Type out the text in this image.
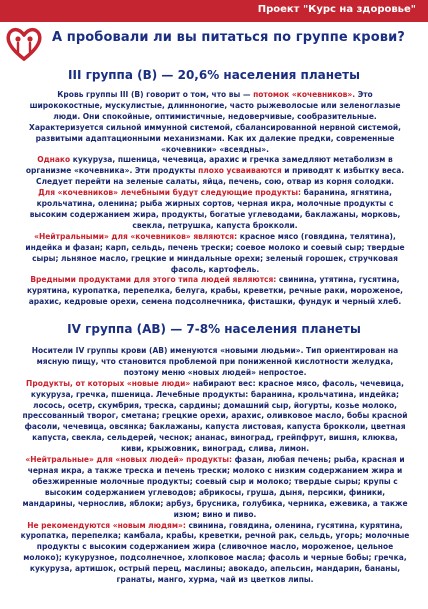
Проект "Курс на здоровье"
А пробовали ли вы питаться по группе крови?
III группа (B) — 20,6% населения планеты

Кровь группы III (B) говорит о том, что вы — потомок «кочевников». Это ширококостные, мускулистые, длинноногие, часто рыжеволосые или зеленоглазые люди. Они спокойные, оптимистичные, недоверчивые, сообразительные. Характеризуется сильной иммунной системой, сбалансированной нервной системой, развитыми адаптационными механизмами. Как их далекие предки, современные «кочевники» «всеядны».

Однако кукуруза, пшеница, чечевица, арахис и гречка замедляют метаболизм в организме «кочевника». Эти продукты плохо усваиваются и приводят к избытку веса. Следует перейти на зеленые салаты, яйца, печень, сою, отвар из корня солодки.

Для «кочевников» лечебными будут следующие продукты: баранина, ягнятина, крольчатина, оленина; рыба жирных сортов, черная икра, молочные продукты с высоким содержанием жира, продукты, богатые углеводами, баклажаны, морковь, свекла, петрушка, капуста брокколи.

«Нейтральными» для «кочевников» являются: красное мясо (говядина, телятина), индейка и фазан; карп, сельдь, печень трески; соевое молоко и соевый сыр; твердые сыры; льняное масло, грецкие и миндальные орехи; зеленый горошек, стручковая фасоль, картофель.

Вредными продуктами для этого типа людей являются: свинина, утятина, гусятина, курятина, куропатка, перепелка, белуга, крабы, креветки, речные раки, мороженое, арахис, кедровые орехи, семена подсолнечника, фисташки, фундук и черный хлеб.

IV группа (AB) — 7-8% населения планеты

Носители IV группы крови (AB) именуются «новыми людьми». Тип ориентирован на мясную пищу, что становится проблемой при пониженной кислотности желудка, поэтому меню «новых людей» непростое.

Продукты, от которых «новые люди» набирают вес: красное мясо, фасоль, чечевица, кукуруза, гречка, пшеница. Лечебные продукты: баранина, крольчатина, индейка; лосось, осетр, скумбрия, треска, сардины; домашний сыр, йогурты, козье молоко, прессованный творог, сметана; грецкие орехи, арахис, оливковое масло, бобы красной фасоли, чечевица, овсянка; баклажаны, капуста листовая, капуста брокколи, цветная капуста, свекла, сельдерей, чеснок; ананас, виноград, грейпфрут, вишня, клюква, киви, крыжовник, виноград, слива, лимон.

«Нейтральные» для «новых людей» продукты: фазан, любая печень; рыба, красная и черная икра, а также треска и печень трески; молоко с низким содержанием жира и обезжиренные молочные продукты; соевый сыр и молоко; твердые сыры; крупы с высоким содержанием углеводов; абрикосы, груша, дыня, персики, финики, мандарины, чернослив, яблоки; арбуз, брусника, голубика, черника, ежевика, а также изюм; вино и пиво.

Не рекомендуются «новым людям»: свинина, говядина, оленина, гусятина, курятина, куропатка, перепелка; камбала, крабы, креветки, речной рак, сельдь, угорь; молочные продукты с высоким содержанием жира (сливочное масло, мороженое, цельное молоко); кукурузное, подсолнечное, хлопковое масла; фасоль и черные бобы; гречка, кукуруза, артишок, острый перец, маслины; авокадо, апельсин, мандарин, бананы, гранаты, манго, хурма, чай из цветков липы.
